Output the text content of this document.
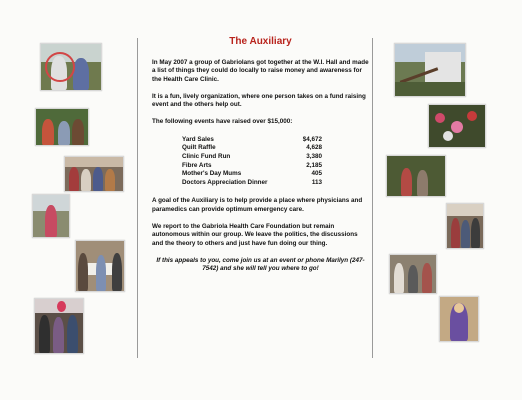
The Auxiliary

In May 2007 a group of Gabriolans got together at the W.I. Hall and made a list of things they could do locally to raise money and awareness for the Health Care Clinic.

It is a fun, lively organization, where one person takes on a fund raising event and the others help out.

The following events have raised over $15,000:

Yard Sales	$4,672
Quilt Raffle	4,628
Clinic Fund Run	3,380
Fibre Arts	2,185
Mother's Day Mums	405
Doctors Appreciation Dinner	113

A goal of the Auxiliary is to help provide a place where physicians and paramedics can provide optimum emergency care.

We report to the Gabriola Health Care Foundation but remain autonomous within our group. We leave the politics, the discussions and the theory to others and just have fun doing our thing.

If this appeals to you, come join us at an event or phone Marilyn (247-7542) and she will tell you where to go!
